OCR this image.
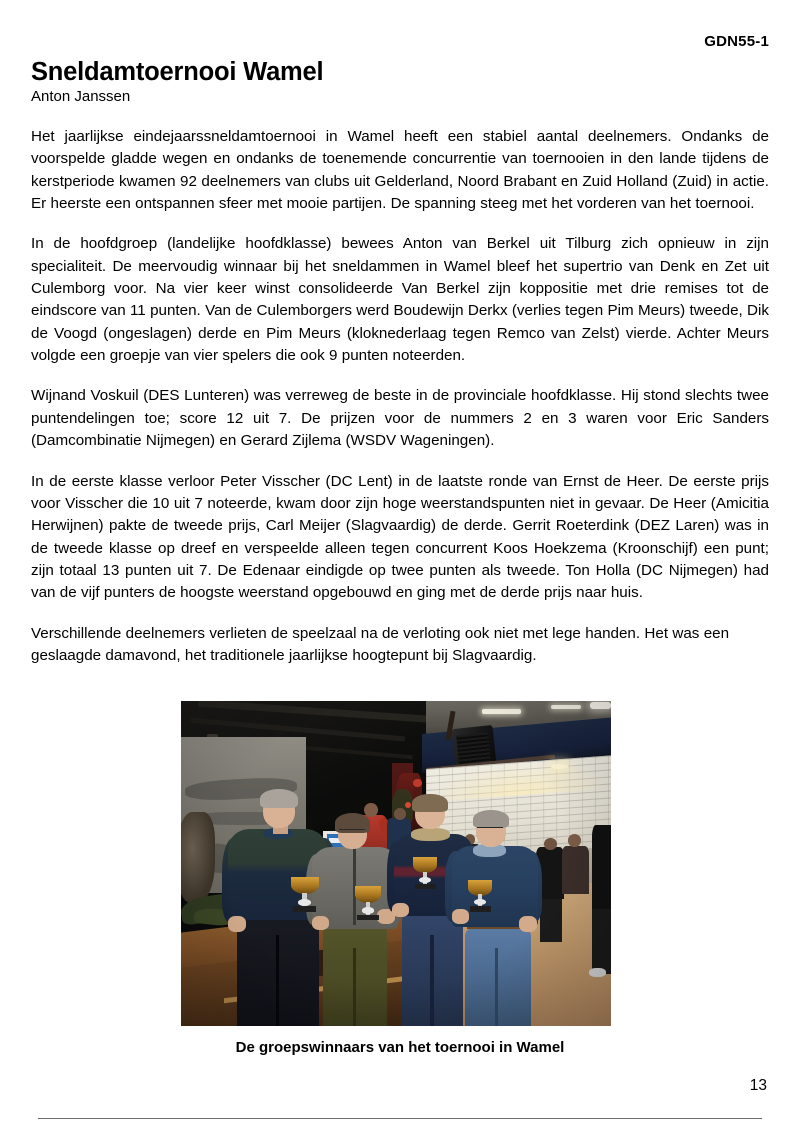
GDN55-1
Sneldamtoernooi Wamel
Anton Janssen

Het jaarlijkse eindejaarssneldamtoernooi in Wamel heeft een stabiel aantal deelnemers. Ondanks de voorspelde gladde wegen en ondanks de toenemende concurrentie van toernooien in den lande tijdens de kerstperiode kwamen 92 deelnemers van clubs uit Gelderland, Noord Brabant en Zuid Holland (Zuid) in actie. Er heerste een ontspannen sfeer met mooie partijen. De spanning steeg met het vorderen van het toernooi.

In de hoofdgroep (landelijke hoofdklasse) bewees Anton van Berkel uit Tilburg zich opnieuw in zijn specialiteit. De meervoudig winnaar bij het sneldammen in Wamel bleef het supertrio van Denk en Zet uit Culemborg voor. Na vier keer winst consolideerde Van Berkel zijn koppositie met drie remises tot de eindscore van 11 punten. Van de Culemborgers werd Boudewijn Derkx (verlies tegen Pim Meurs) tweede, Dik de Voogd (ongeslagen) derde en Pim Meurs (kloknederlaag tegen Remco van Zelst) vierde. Achter Meurs volgde een groepje van vier spelers die ook 9 punten noteerden.

Wijnand Voskuil (DES Lunteren) was verreweg de beste in de provinciale hoofdklasse. Hij stond slechts twee puntendelingen toe; score 12 uit 7. De prijzen voor de nummers 2 en 3 waren voor Eric Sanders (Damcombinatie Nijmegen) en Gerard Zijlema (WSDV Wageningen).

In de eerste klasse verloor Peter Visscher (DC Lent) in de laatste ronde van Ernst de Heer. De eerste prijs voor Visscher die 10 uit 7 noteerde, kwam door zijn hoge weerstandspunten niet in gevaar. De Heer (Amicitia Herwijnen) pakte de tweede prijs, Carl Meijer (Slagvaardig) de derde. Gerrit Roeterdink (DEZ Laren) was in de tweede klasse op dreef en verspeelde alleen tegen concurrent Koos Hoekzema (Kroonschijf) een punt; zijn totaal 13 punten uit 7. De Edenaar eindigde op twee punten als tweede. Ton Holla (DC Nijmegen) had van de vijf punters de hoogste weerstand opgebouwd en ging met de derde prijs naar huis.

Verschillende deelnemers verlieten de speelzaal na de verloting ook niet met lege handen. Het was een geslaagde damavond, het traditionele jaarlijkse hoogtepunt bij Slagvaardig.

De groepswinnaars van het toernooi in Wamel
13
